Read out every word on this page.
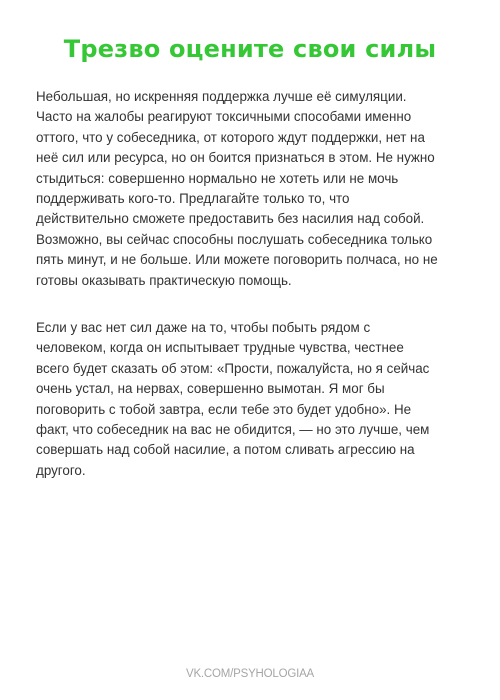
Трезво оцените свои силы

Небольшая, но искренняя поддержка лучше её симуляции.
Часто на жалобы реагируют токсичными способами именно
оттого, что у собеседника, от которого ждут поддержки, нет на
неё сил или ресурса, но он боится признаться в этом. Не нужно
стыдиться: совершенно нормально не хотеть или не мочь
поддерживать кого-то. Предлагайте только то, что
действительно сможете предоставить без насилия над собой.
Возможно, вы сейчас способны послушать собеседника только
пять минут, и не больше. Или можете поговорить полчаса, но не
готовы оказывать практическую помощь.

Если у вас нет сил даже на то, чтобы побыть рядом с
человеком, когда он испытывает трудные чувства, честнее
всего будет сказать об этом: «Прости, пожалуйста, но я сейчас
очень устал, на нервах, совершенно вымотан. Я мог бы
поговорить с тобой завтра, если тебе это будет удобно». Не
факт, что собеседник на вас не обидится, — но это лучше, чем
совершать над собой насилие, а потом сливать агрессию на
другого.

VK.COM/PSYHOLOGIAA
